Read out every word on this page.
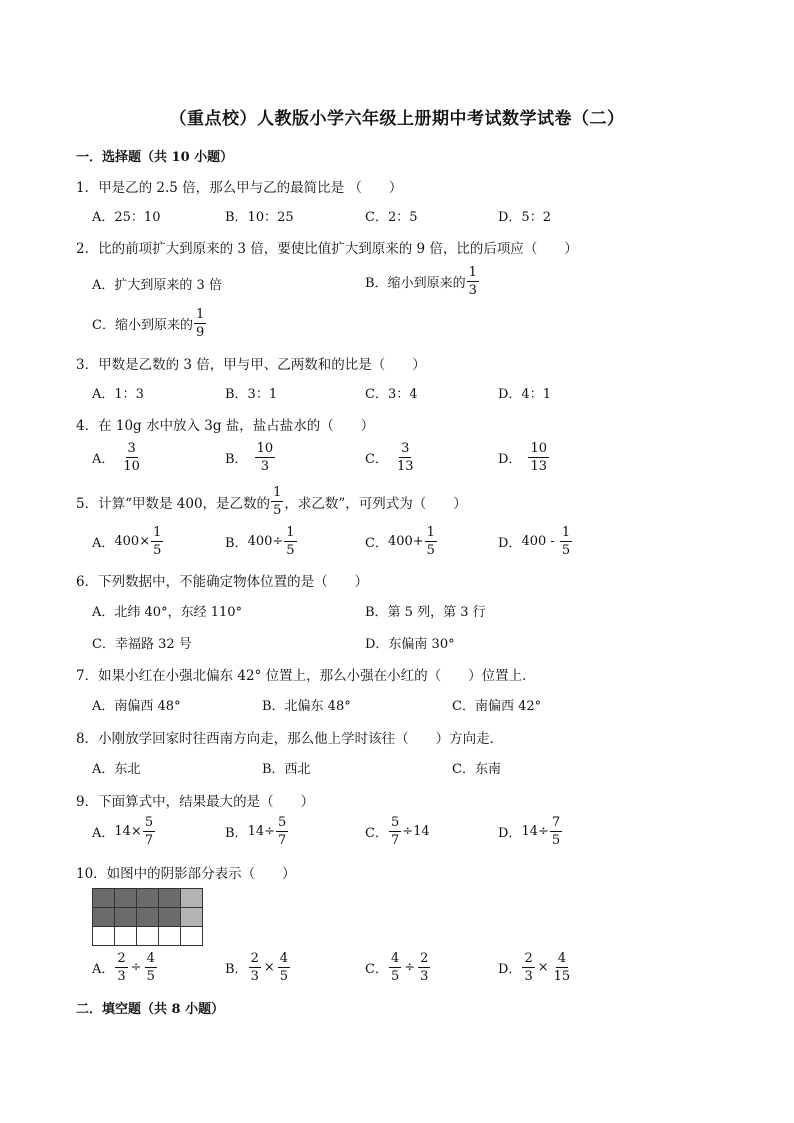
（重点校）人教版小学六年级上册期中考试数学试卷（二）
一．选择题（共 10 小题）
1．甲是乙的 2.5 倍，那么甲与乙的最简比是 （　　）
A．25：10	B．10：25	C．2：5	D．5：2
2．比的前项扩大到原来的 3 倍，要使比值扩大到原来的 9 倍，比的后项应（　　）
A．扩大到原来的 3 倍	B． 缩小到原来的 $\frac{1}{3}$
C． 缩小到原来的 $\frac{1}{9}$
3．甲数是乙数的 3 倍，甲与甲、乙两数和的比是（　　）
A．1：3	B．3：1	C．3：4	D．4：1
4．在 10g 水中放入 3g 盐，盐占盐水的（　　）
A． $\frac{3}{10}$	B． $\frac{10}{3}$	C． $\frac{3}{13}$	D． $\frac{10}{13}$
5．计算“甲数是 400，是乙数的 $\frac{1}{5}$ ，求乙数”，可列式为（　　）
A． $400\times \frac{1}{5}$	B． $400\div \frac{1}{5}$	C． $400+ \frac{1}{5}$	D． $400 - \frac{1}{5}$
6．下列数据中，不能确定物体位置的是（　　）
A．北纬 40°，东经 110°	B．第 5 列，第 3 行
C．幸福路 32 号	D．东偏南 30°
7．如果小红在小强北偏东 42° 位置上，那么小强在小红的（　　）位置上．
A．南偏西 48°	B．北偏东 48°	C．南偏西 42°
8．小刚放学回家时往西南方向走，那么他上学时该往（　　）方向走．
A．东北	B．西北	C．东南
9．下面算式中，结果最大的是（　　）
A． $14\times \frac{5}{7}$	B． $14\div \frac{5}{7}$	C． $\frac{5}{7} \div 14$	D． $14\div \frac{7}{5}$
10．如图中的阴影部分表示（　　）
A． $\frac{2}{3} \div \frac{4}{5}$	B． $\frac{2}{3} \times \frac{4}{5}$	C． $\frac{4}{5} \div \frac{2}{3}$	D． $\frac{2}{3} \times \frac{4}{15}$
二．填空题（共 8 小题）
